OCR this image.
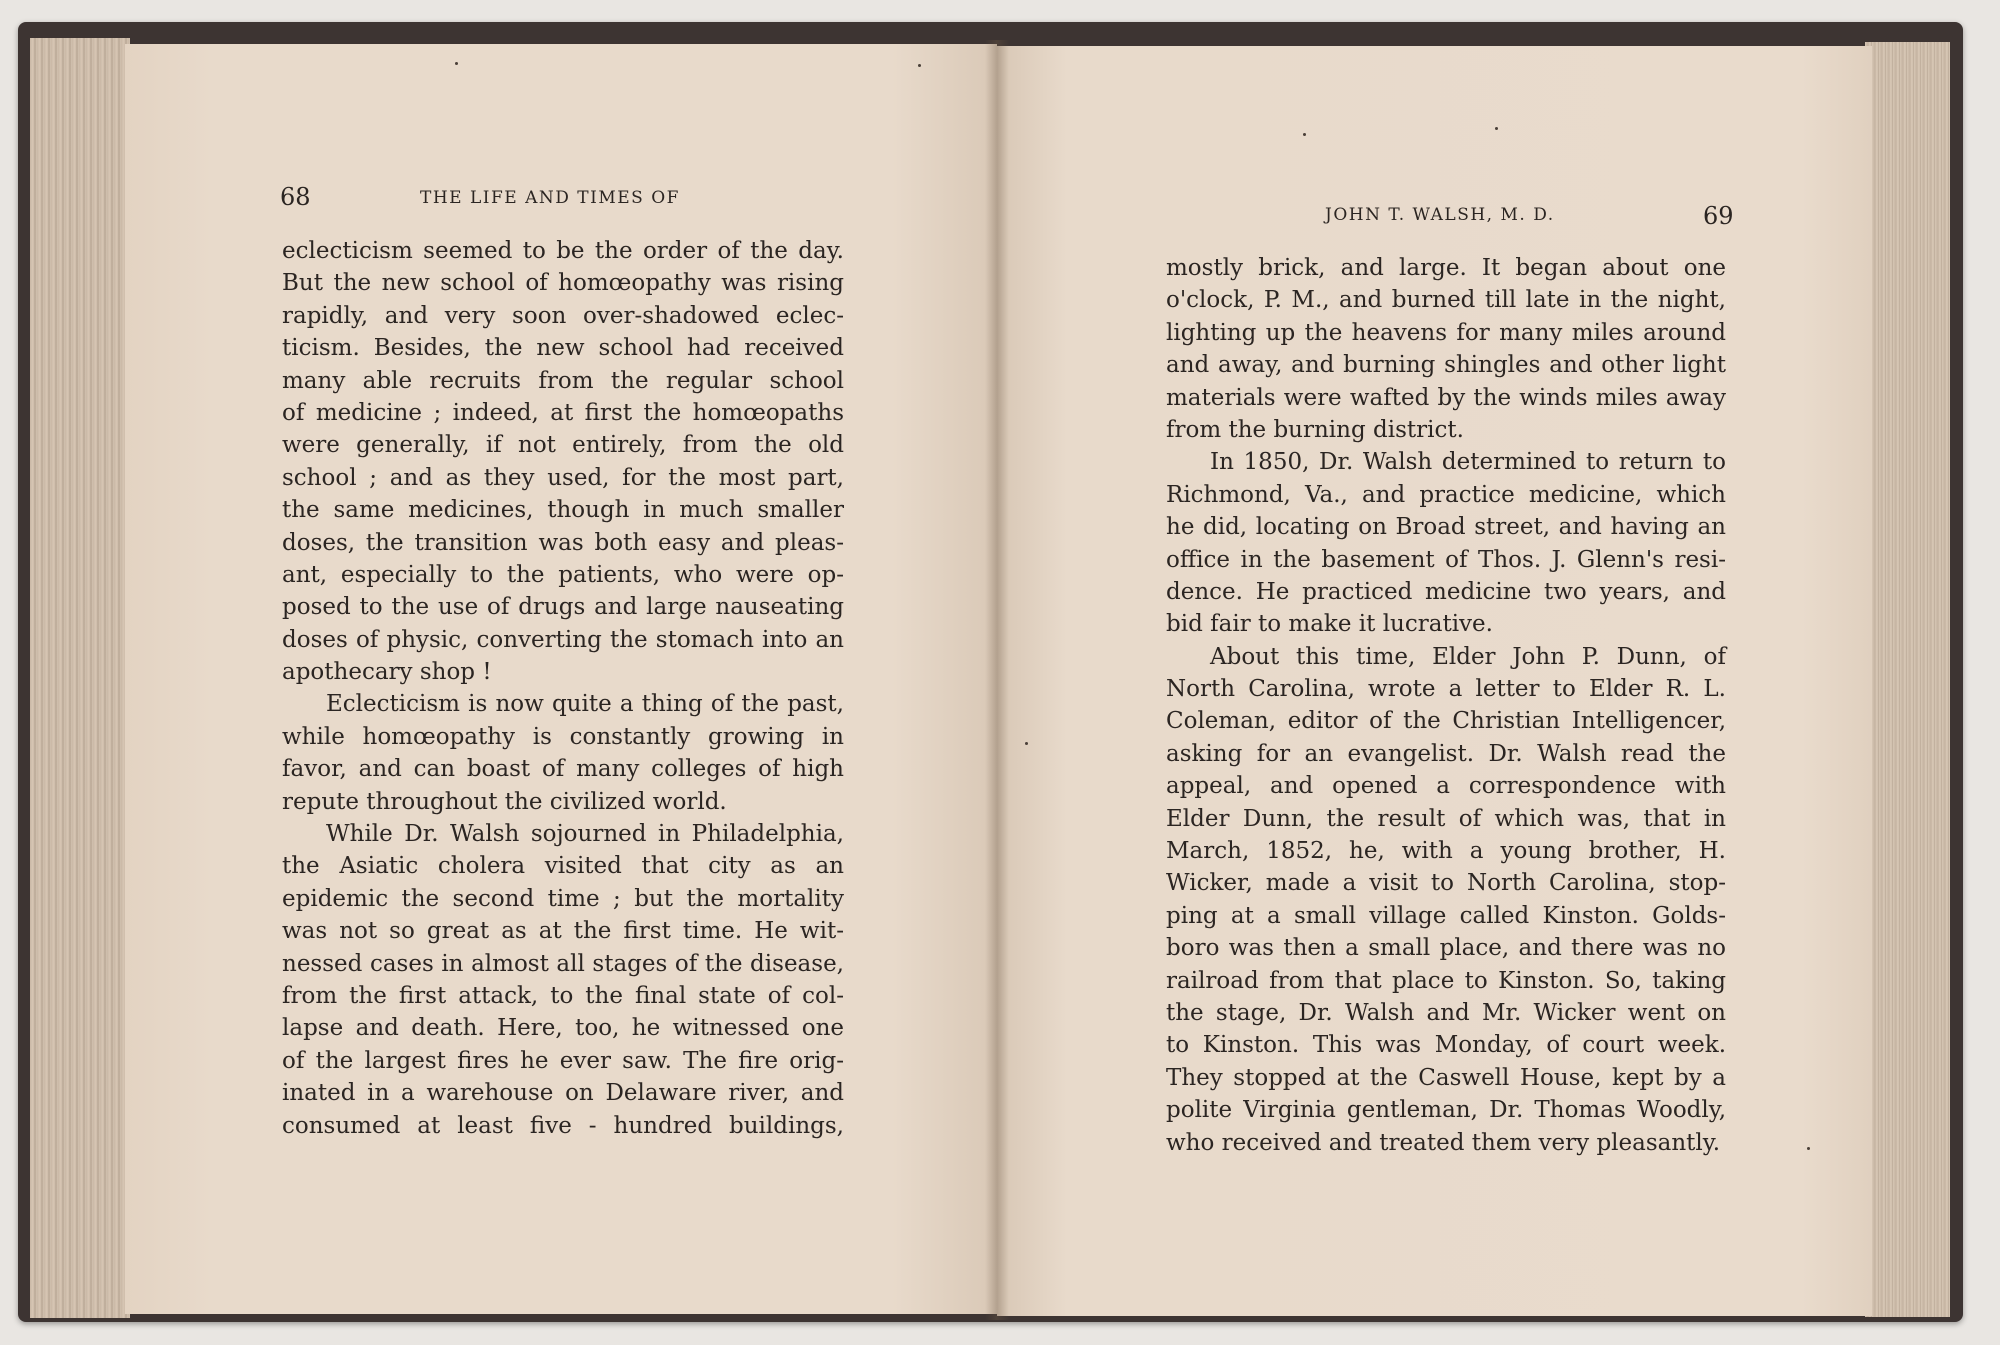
68	THE LIFE AND TIMES OF
JOHN T. WALSH, M. D.	69
eclecticism seemed to be the order of the day.
But the new school of homœopathy was rising
rapidly, and very soon over-shadowed eclec-
ticism. Besides, the new school had received
many able recruits from the regular school
of medicine ; indeed, at first the homœopaths
were generally, if not entirely, from the old
school ; and as they used, for the most part,
the same medicines, though in much smaller
doses, the transition was both easy and pleas-
ant, especially to the patients, who were op-
posed to the use of drugs and large nauseating
doses of physic, converting the stomach into an
apothecary shop !
Eclecticism is now quite a thing of the past,
while homœopathy is constantly growing in
favor, and can boast of many colleges of high
repute throughout the civilized world.
While Dr. Walsh sojourned in Philadelphia,
the Asiatic cholera visited that city as an
epidemic the second time ; but the mortality
was not so great as at the first time. He wit-
nessed cases in almost all stages of the disease,
from the first attack, to the final state of col-
lapse and death. Here, too, he witnessed one
of the largest fires he ever saw. The fire orig-
inated in a warehouse on Delaware river, and
consumed at least five - hundred buildings,
mostly brick, and large. It began about one
o'clock, P. M., and burned till late in the night,
lighting up the heavens for many miles around
and away, and burning shingles and other light
materials were wafted by the winds miles away
from the burning district.
In 1850, Dr. Walsh determined to return to
Richmond, Va., and practice medicine, which
he did, locating on Broad street, and having an
office in the basement of Thos. J. Glenn's resi-
dence. He practiced medicine two years, and
bid fair to make it lucrative.
About this time, Elder John P. Dunn, of
North Carolina, wrote a letter to Elder R. L.
Coleman, editor of the Christian Intelligencer,
asking for an evangelist. Dr. Walsh read the
appeal, and opened a correspondence with
Elder Dunn, the result of which was, that in
March, 1852, he, with a young brother, H.
Wicker, made a visit to North Carolina, stop-
ping at a small village called Kinston. Golds-
boro was then a small place, and there was no
railroad from that place to Kinston. So, taking
the stage, Dr. Walsh and Mr. Wicker went on
to Kinston. This was Monday, of court week.
They stopped at the Caswell House, kept by a
polite Virginia gentleman, Dr. Thomas Woodly,
who received and treated them very pleasantly.
